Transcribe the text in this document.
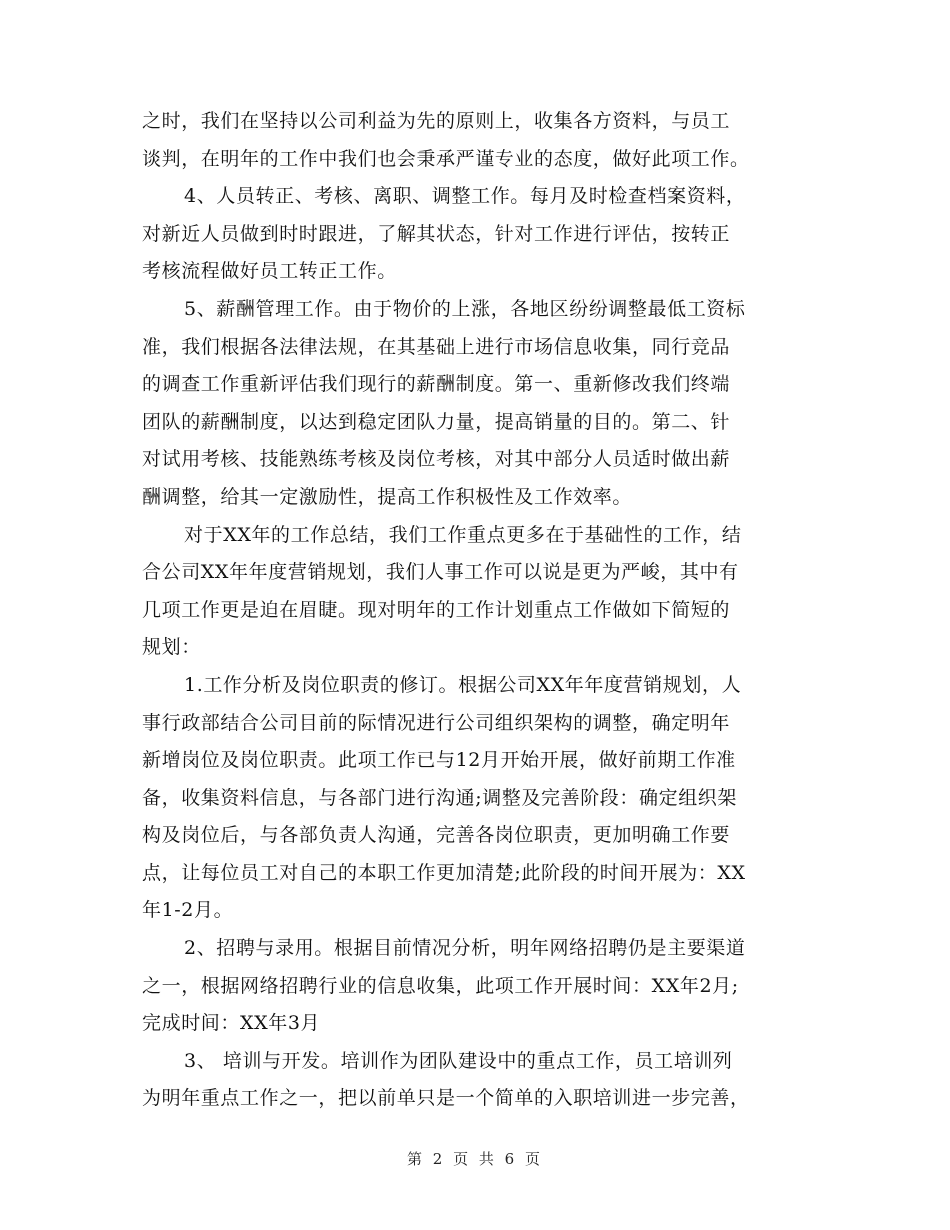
之时，我们在坚持以公司利益为先的原则上，收集各方资料，与员工
谈判，在明年的工作中我们也会秉承严谨专业的态度，做好此项工作。
4、人员转正、考核、离职、调整工作。每月及时检查档案资料，
对新近人员做到时时跟进，了解其状态，针对工作进行评估，按转正
考核流程做好员工转正工作。
5、薪酬管理工作。由于物价的上涨，各地区纷纷调整最低工资标
准，我们根据各法律法规，在其基础上进行市场信息收集，同行竞品
的调查工作重新评估我们现行的薪酬制度。第一、重新修改我们终端
团队的薪酬制度，以达到稳定团队力量，提高销量的目的。第二、针
对试用考核、技能熟练考核及岗位考核，对其中部分人员适时做出薪
酬调整，给其一定激励性，提高工作积极性及工作效率。
对于XX年的工作总结，我们工作重点更多在于基础性的工作，结
合公司XX年年度营销规划，我们人事工作可以说是更为严峻，其中有
几项工作更是迫在眉睫。现对明年的工作计划重点工作做如下简短的
规划：
1.工作分析及岗位职责的修订。根据公司XX年年度营销规划，人
事行政部结合公司目前的际情况进行公司组织架构的调整，确定明年
新增岗位及岗位职责。此项工作已与12月开始开展，做好前期工作准
备，收集资料信息，与各部门进行沟通;调整及完善阶段：确定组织架
构及岗位后，与各部负责人沟通，完善各岗位职责，更加明确工作要
点，让每位员工对自己的本职工作更加清楚;此阶段的时间开展为：XX
年1-2月。
2、招聘与录用。根据目前情况分析，明年网络招聘仍是主要渠道
之一，根据网络招聘行业的信息收集，此项工作开展时间：XX年2月;
完成时间：XX年3月
3、 培训与开发。培训作为团队建设中的重点工作，员工培训列
为明年重点工作之一，把以前单只是一个简单的入职培训进一步完善，
第 2 页 共 6 页
